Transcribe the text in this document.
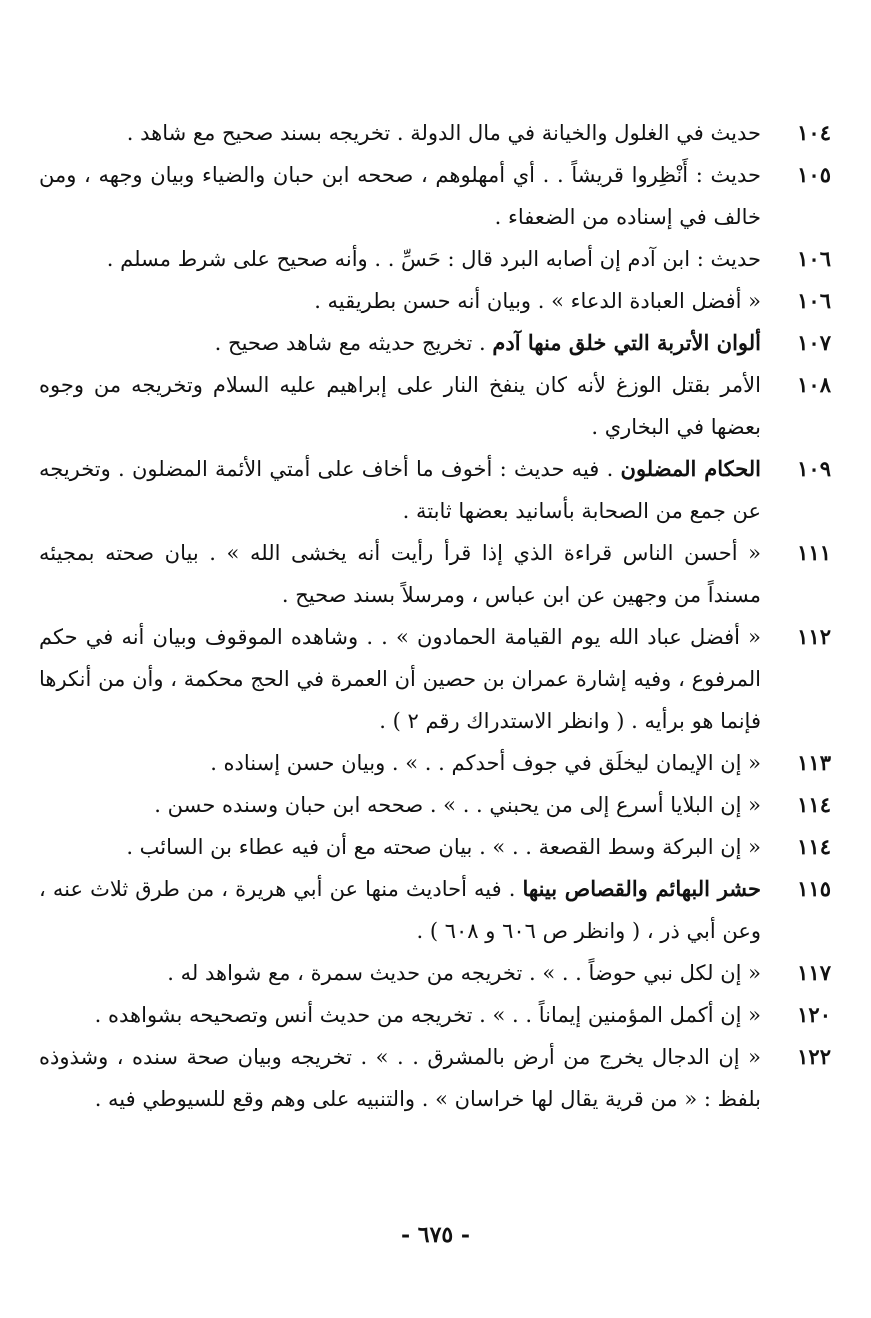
١٠٤
حديث في الغلول والخيانة في مال الدولة . تخريجه بسند صحيح مع شاهد .
١٠٥
حديث : أَنْظِروا قريشاً . . أي أمهلوهم ، صححه ابن حبان والضياء وبيان وجهه ، ومن خالف في إسناده من الضعفاء .
١٠٦
حديث : ابن آدم إن أصابه البرد قال : حَسِّ . . وأنه صحيح على شرط مسلم .
١٠٦
« أفضل العبادة الدعاء » . وبيان أنه حسن بطريقيه .
١٠٧
ألوان الأتربة التي خلق منها آدم . تخريج حديثه مع شاهد صحيح .
١٠٨
الأمر بقتل الوزغ لأنه كان ينفخ النار على إبراهيم عليه السلام وتخريجه من وجوه بعضها في البخاري .
١٠٩
الحكام المضلون . فيه حديث : أخوف ما أخاف على أمتي الأئمة المضلون . وتخريجه عن جمع من الصحابة بأسانيد بعضها ثابتة .
١١١
« أحسن الناس قراءة الذي إذا قرأ رأيت أنه يخشى الله » . بيان صحته بمجيئه مسنداً من وجهين عن ابن عباس ، ومرسلاً بسند صحيح .
١١٢
« أفضل عباد الله يوم القيامة الحمادون » . . وشاهده الموقوف وبيان أنه في حكم المرفوع ، وفيه إشارة عمران بن حصين أن العمرة في الحج محكمة ، وأن من أنكرها فإنما هو برأيه . ( وانظر الاستدراك رقم ٢ ) .
١١٣
« إن الإيمان ليخلَق في جوف أحدكم . . » . وبيان حسن إسناده .
١١٤
« إن البلايا أسرع إلى من يحبني . . » . صححه ابن حبان وسنده حسن .
١١٤
« إن البركة وسط القصعة . . » . بيان صحته مع أن فيه عطاء بن السائب .
١١٥
حشر البهائم والقصاص بينها . فيه أحاديث منها عن أبي هريرة ، من طرق ثلاث عنه ، وعن أبي ذر ، ( وانظر ص ٦٠٦ و ٦٠٨ ) .
١١٧
« إن لكل نبي حوضاً . . » . تخريجه من حديث سمرة ، مع شواهد له .
١٢٠
« إن أكمل المؤمنين إيماناً . . » . تخريجه من حديث أنس وتصحيحه بشواهده .
١٢٢
« إن الدجال يخرج من أرض بالمشرق . . » . تخريجه وبيان صحة سنده ، وشذوذه بلفظ : « من قرية يقال لها خراسان » . والتنبيه على وهم وقع للسيوطي فيه .
- ٦٧٥ -
